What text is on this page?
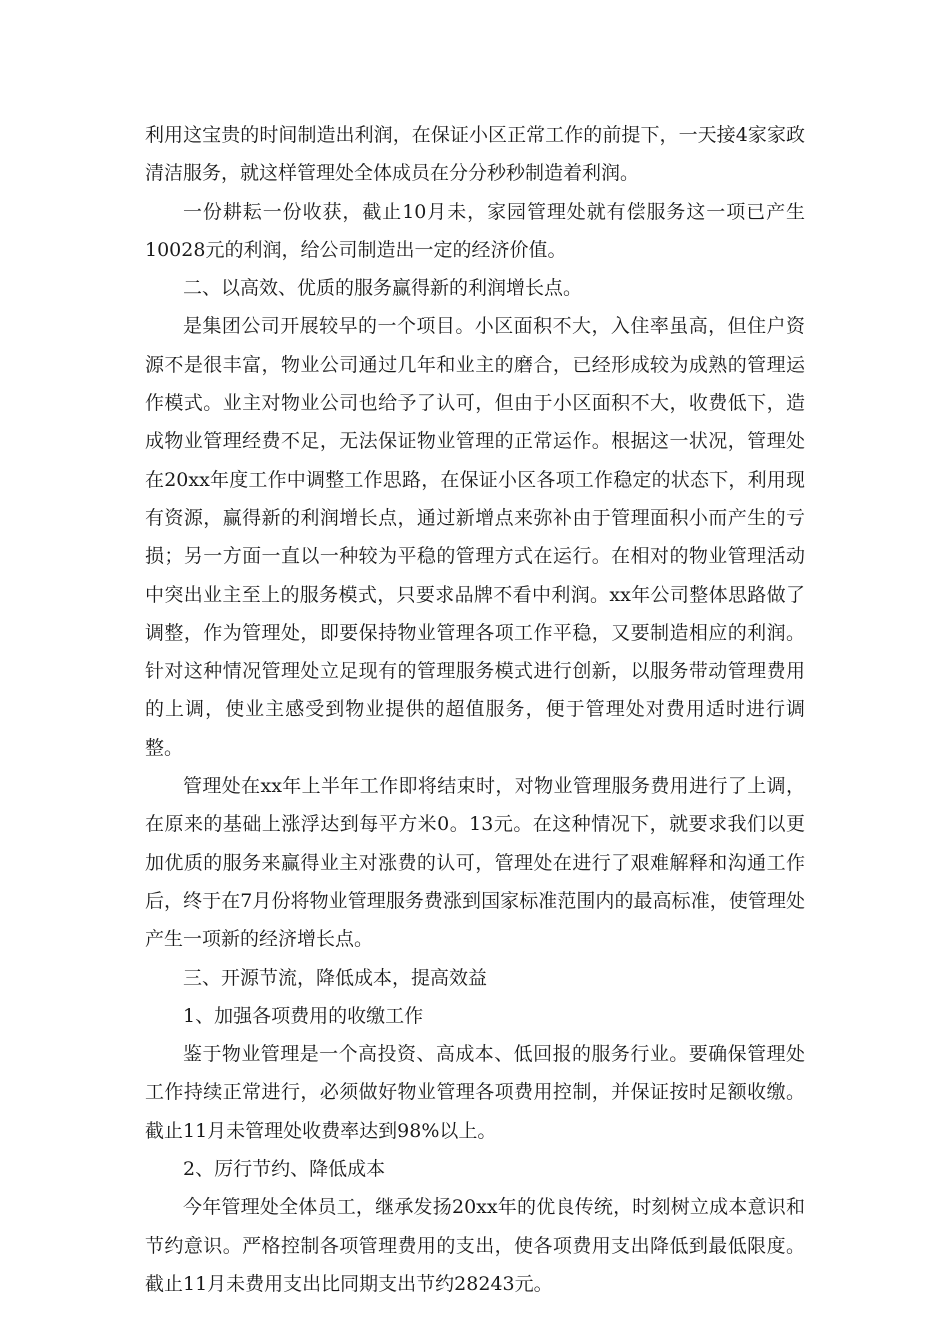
利用这宝贵的时间制造出利润，在保证小区正常工作的前提下，一天接4家家政清洁服务，就这样管理处全体成员在分分秒秒制造着利润。

一份耕耘一份收获，截止10月未，家园管理处就有偿服务这一项已产生10028元的利润，给公司制造出一定的经济价值。

二、以高效、优质的服务赢得新的利润增长点。

是集团公司开展较早的一个项目。小区面积不大，入住率虽高，但住户资源不是很丰富，物业公司通过几年和业主的磨合，已经形成较为成熟的管理运作模式。业主对物业公司也给予了认可，但由于小区面积不大，收费低下，造成物业管理经费不足，无法保证物业管理的正常运作。根据这一状况，管理处在20xx年度工作中调整工作思路，在保证小区各项工作稳定的状态下，利用现有资源，赢得新的利润增长点，通过新增点来弥补由于管理面积小而产生的亏损；另一方面一直以一种较为平稳的管理方式在运行。在相对的物业管理活动中突出业主至上的服务模式，只要求品牌不看中利润。xx年公司整体思路做了调整，作为管理处，即要保持物业管理各项工作平稳，又要制造相应的利润。针对这种情况管理处立足现有的管理服务模式进行创新，以服务带动管理费用的上调，使业主感受到物业提供的超值服务，便于管理处对费用适时进行调整。

管理处在xx年上半年工作即将结束时，对物业管理服务费用进行了上调，在原来的基础上涨浮达到每平方米0。13元。在这种情况下，就要求我们以更加优质的服务来赢得业主对涨费的认可，管理处在进行了艰难解释和沟通工作后，终于在7月份将物业管理服务费涨到国家标准范围内的最高标准，使管理处产生一项新的经济增长点。

三、开源节流，降低成本，提高效益

1、加强各项费用的收缴工作

鉴于物业管理是一个高投资、高成本、低回报的服务行业。要确保管理处工作持续正常进行，必须做好物业管理各项费用控制，并保证按时足额收缴。截止11月未管理处收费率达到98%以上。

2、厉行节约、降低成本

今年管理处全体员工，继承发扬20xx年的优良传统，时刻树立成本意识和节约意识。严格控制各项管理费用的支出，使各项费用支出降低到最低限度。截止11月未费用支出比同期支出节约28243元。
